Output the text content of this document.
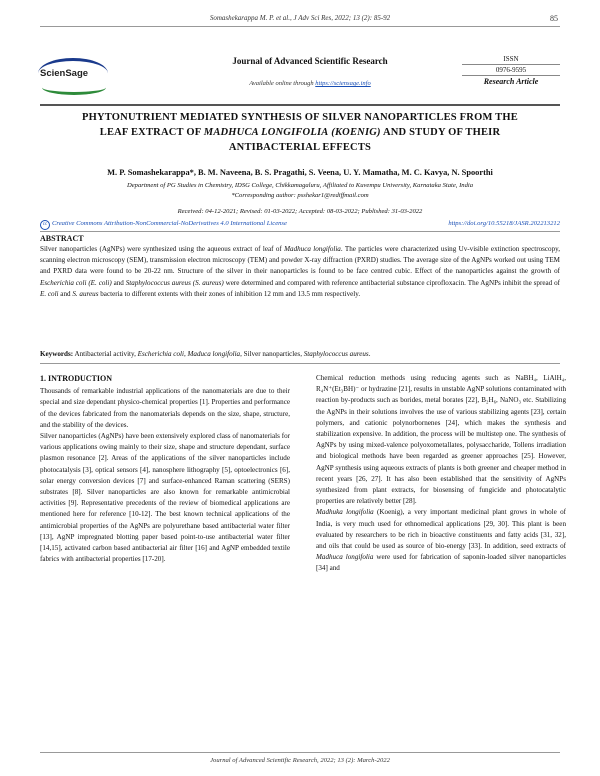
Somashekarappa M. P. et al., J Adv Sci Res, 2022; 13 (2): 85-92	85
ScienSage
Journal of Advanced Scientific Research
Available online through https://sciensage.info
ISSN
0976-9595
Research Article
PHYTONUTRIENT MEDIATED SYNTHESIS OF SILVER NANOPARTICLES FROM THE
LEAF EXTRACT OF MADHUCA LONGIFOLIA (KOENIG) AND STUDY OF THEIR
ANTIBACTERIAL EFFECTS
M. P. Somashekarappa*, B. M. Naveena, B. S. Pragathi, S. Veena, U. Y. Mamatha, M. C. Kavya, N. Spoorthi
Department of PG Studies in Chemistry, IDSG College, Chikkamagaluru, Affiliated to Kuvempu University, Karnataka State, India
*Corresponding author: psshekar1@rediffmail.com
Received: 04-12-2021; Revised: 01-03-2022; Accepted: 08-03-2022; Published: 31-03-2022
cc Creative Commons Attribution-NonCommercial-NoDerivatives 4.0 International License	https://doi.org/10.55218/JASR.202213212
ABSTRACT
Silver nanoparticles (AgNPs) were synthesized using the aqueous extract of leaf of Madhuca longifolia. The particles were characterized using Uv-visible extinction spectroscopy, scanning electron microscopy (SEM), transmission electron microscopy (TEM) and powder X-ray diffraction (PXRD) studies. The average size of the AgNPs worked out using TEM and PXRD data were found to be 20-22 nm. Structure of the silver in their nanoparticles is found to be face centred cubic. Effect of the nanoparticles against the growth of Escherichia coli (E. coli) and Staphylococcus aureus (S. aureus) were determined and compared with reference antibacterial substance ciprofloxacin. The AgNPs inhibit the spread of E. coli and S. aureus bacteria to different extents with their zones of inhibition 12 mm and 13.5 mm respectively.
Keywords: Antibacterial activity, Escherichia coli, Maduca longifolia, Silver nanoparticles, Staphylococcus aureus.
1. INTRODUCTION

Thousands of remarkable industrial applications of the nanomaterials are due to their special and size dependant physico-chemical properties [1]. Properties and performance of the devices fabricated from the nanomaterials depends on the size, shape, structure, and the stability of the devices.

Silver nanoparticles (AgNPs) have been extensively explored class of nanomaterials for various applications owing mainly to their size, shape and structure dependant, surface plasmon resonance [2]. Areas of the applications of the silver nanoparticles include photocatalysis [3], optical sensors [4], nanosphere lithography [5], optoelectronics [6], solar energy conversion devices [7] and surface-enhanced Raman scattering (SERS) substrates [8]. Silver nanoparticles are also known for remarkable antimicrobial activities [9]. Representative precedents of the review of biomedical applications are mentioned here for reference [10-12]. The best known technical applications of the antimicrobial properties of the AgNPs are polyurethane based antibacterial water filter [13], AgNP impregnated blotting paper based point-to-use antibacterial water filter [14,15], activated carbon based antibacterial air filter [16] and AgNP embedded textile fabrics with antibacterial properties [17-20].

Chemical reduction methods using reducing agents such as NaBH₄, LiAlH₄, R₄N⁺(Et₃BH)⁻ or hydrazine [21], results in unstable AgNP solutions contaminated with reaction by-products such as borides, metal borates [22], B₂H₆, NaNO₃ etc. Stabilizing the AgNPs in their solutions involves the use of various stabilizing agents [23], certain polymers, and cationic polynorbornenes [24], which makes the synthesis and stabilization expensive. In addition, the process will be multistep one. The synthesis of AgNPs by using mixed-valence polyoxometallates, polysaccharide, Tollens irradiation and biological methods have been regarded as greener approaches [25]. However, AgNP synthesis using aqueous extracts of plants is both greener and cheaper method in recent years [26, 27]. It has also been established that the sensitivity of AgNPs synthesized from plant extracts, for biosensing of fungicide and photocatalytic properties are relatively better [28].

Madhuka longifolia (Koenig), a very important medicinal plant grows in whole of India, is very much used for ethnomedical applications [29, 30]. This plant is been evaluated by researchers to be rich in bioactive constituents and fatty acids [31, 32], and oils that could be used as source of bio-energy [33]. In addition, seed extracts of Madhuca longifolia were used for fabrication of saponin-loaded silver nanoparticles [34] and

Journal of Advanced Scientific Research, 2022; 13 (2): March-2022
